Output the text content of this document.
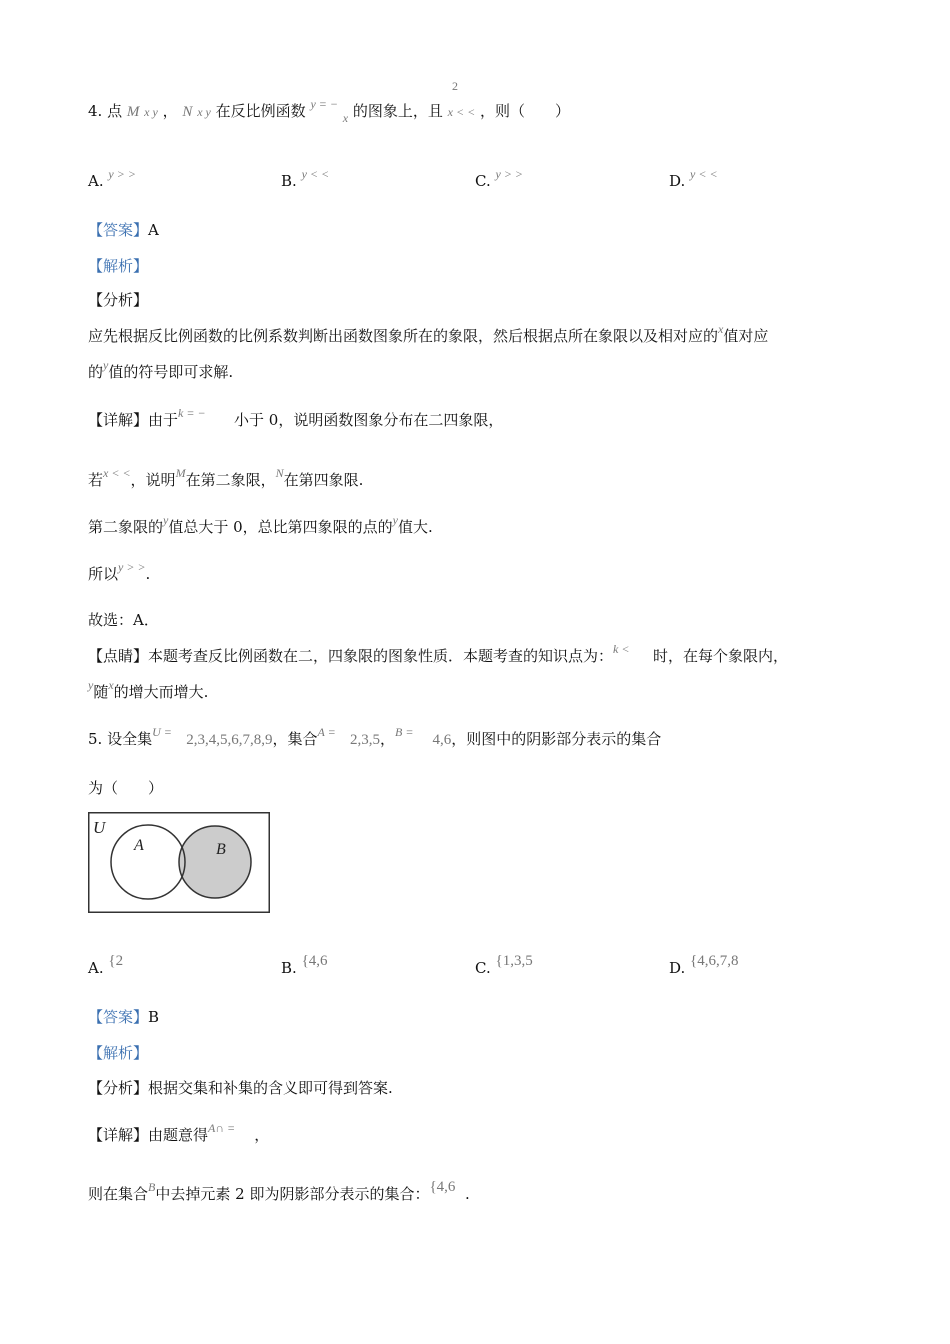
4. 点 M x y ， N x y 在反比例函数 $^{y = -}$ $_x$ 的图象上，且 x < < ，则（　　）
2
A. $^{y > >}$	B. $^{y < <}$	C. $^{y > >}$	D. $^{y < <}$
【答案】A
【解析】
【分析】
应先根据反比例函数的比例系数判断出函数图象所在的象限，然后根据点所在象限以及相对应的$^x$值对应
的$^y$值的符号即可求解.
【详解】由于k = − 小于 0，说明函数图象分布在二四象限，
若$^{x < <}$，说明$^M$在第二象限，$^N$在第四象限.
第二象限的$^y$值总大于 0，总比第四象限的点的$^y$值大.
所以$^{y > >}$.
故选：A．
【点睛】本题考查反比例函数在二，四象限的图象性质．本题考查的知识点为：k < 时，在每个象限内，
$^y$随$^x$的增大而增大.
5. 设全集$^{U =}$ 2,3,4,5,6,7,8,9，集合$^{A =}$ 2,3,5，$^{B =}$ 4,6，则图中的阴影部分表示的集合
为（　　）
U
A	B
A. {2	B. {4,6	C. {1,3,5	D. {4,6,7,8
【答案】B
【解析】
【分析】根据交集和补集的含义即可得到答案.
【详解】由题意得$^{A\cap =}$ ，
则在集合$^B$中去掉元素 2 即为阴影部分表示的集合：{4,6 .
